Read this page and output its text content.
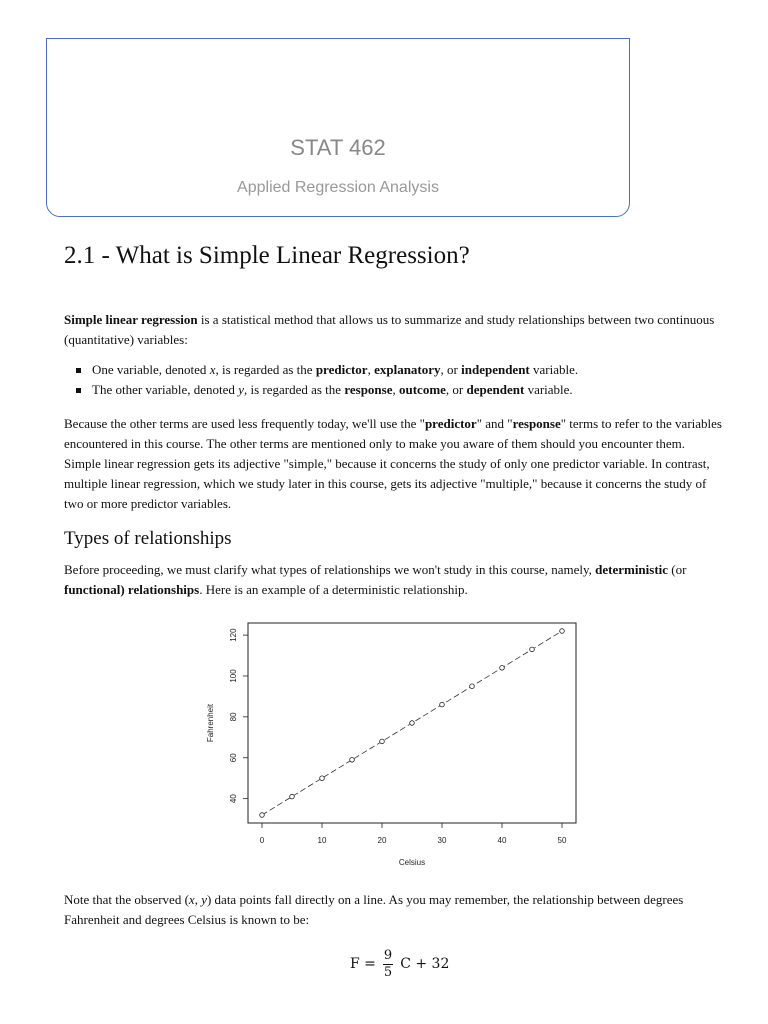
STAT 462
Applied Regression Analysis
2.1 - What is Simple Linear Regression?

Simple linear regression is a statistical method that allows us to summarize and study relationships between two continuous (quantitative) variables:

One variable, denoted x, is regarded as the predictor, explanatory, or independent variable.
The other variable, denoted y, is regarded as the response, outcome, or dependent variable.

Because the other terms are used less frequently today, we'll use the "predictor" and "response" terms to refer to the variables encountered in this course. The other terms are mentioned only to make you aware of them should you encounter them. Simple linear regression gets its adjective "simple," because it concerns the study of only one predictor variable. In contrast, multiple linear regression, which we study later in this course, gets its adjective "multiple," because it concerns the study of two or more predictor variables.

Types of relationships

Before proceeding, we must clarify what types of relationships we won't study in this course, namely, deterministic (or functional) relationships. Here is an example of a deterministic relationship.

0	10	20	30	40	50
40
60
80
100
120
Celsius
Fahrenheit

Note that the observed (x, y) data points fall directly on a line. As you may remember, the relationship between degrees Fahrenheit and degrees Celsius is known to be:

$F = \frac{9}{5}$ C + 32
